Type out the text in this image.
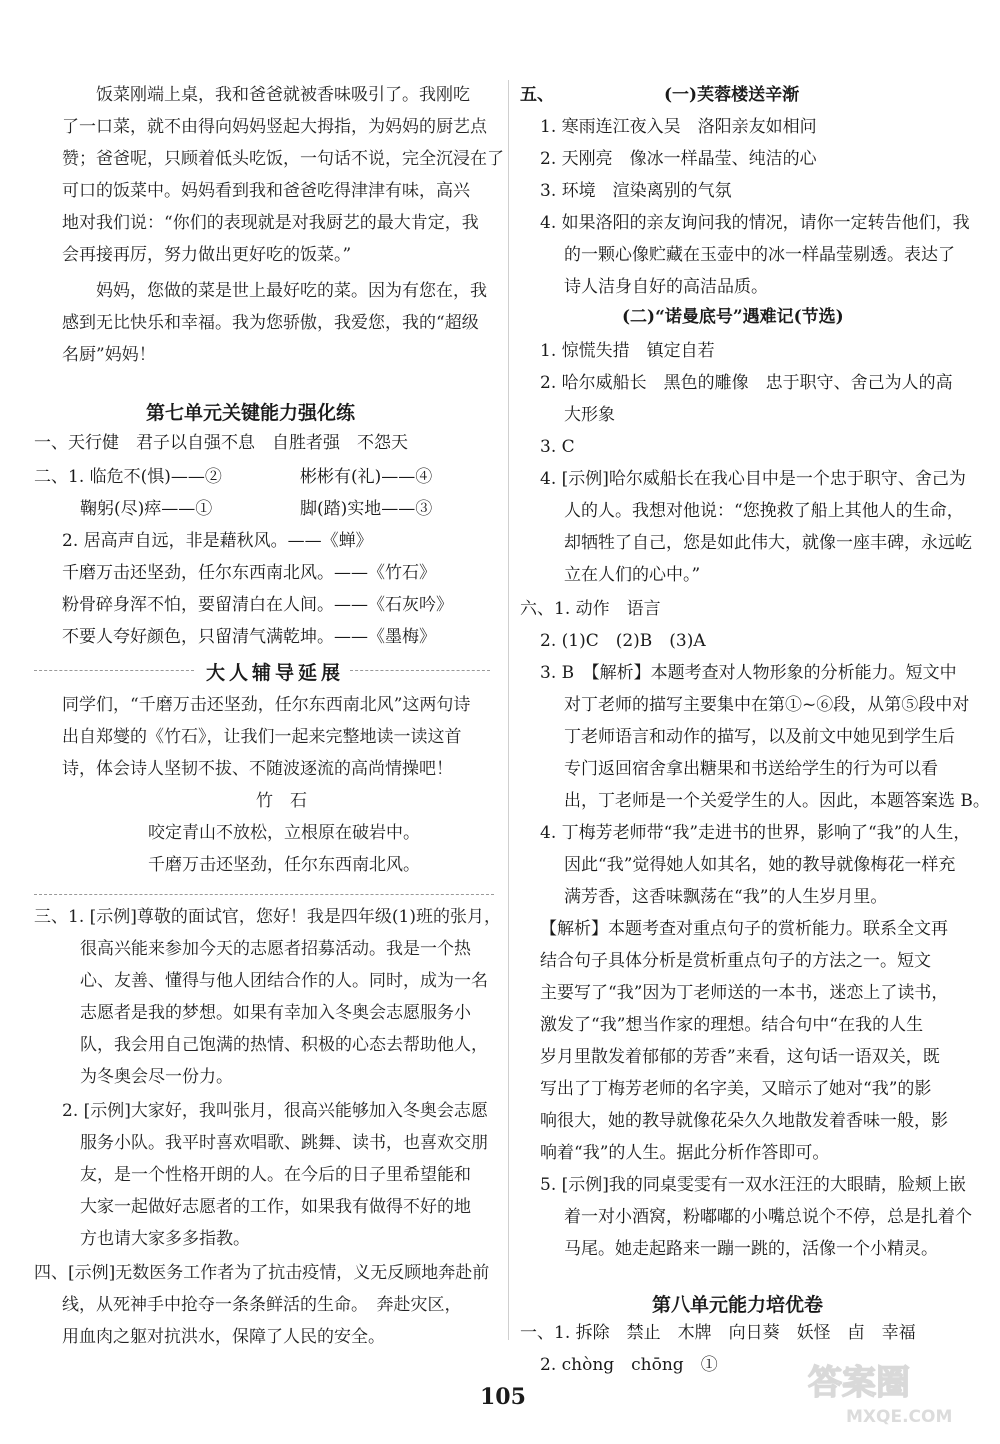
饭菜刚端上桌，我和爸爸就被香味吸引了。我刚吃
了一口菜，就不由得向妈妈竖起大拇指，为妈妈的厨艺点
赞；爸爸呢，只顾着低头吃饭，一句话不说，完全沉浸在了
可口的饭菜中。妈妈看到我和爸爸吃得津津有味，高兴
地对我们说：“你们的表现就是对我厨艺的最大肯定，我
会再接再厉，努力做出更好吃的饭菜。”
妈妈，您做的菜是世上最好吃的菜。因为有您在，我
感到无比快乐和幸福。我为您骄傲，我爱您，我的“超级
名厨”妈妈！
第七单元关键能力强化练
一、天行健　君子以自强不息　自胜者强　不怨天
二、1. 临危不(惧)——②	彬彬有(礼)——④
鞠躬(尽)瘁——①	脚(踏)实地——③
2. 居高声自远，非是藉秋风。——《蝉》
千磨万击还坚劲，任尔东西南北风。——《竹石》
粉骨碎身浑不怕，要留清白在人间。——《石灰吟》
不要人夸好颜色，只留清气满乾坤。——《墨梅》
大人辅导延展
同学们，“千磨万击还坚劲，任尔东西南北风”这两句诗
出自郑燮的《竹石》，让我们一起来完整地读一读这首
诗，体会诗人坚韧不拔、不随波逐流的高尚情操吧！
竹　石
咬定青山不放松，立根原在破岩中。
千磨万击还坚劲，任尔东西南北风。
三、1. [示例]尊敬的面试官，您好！我是四年级(1)班的张月，
很高兴能来参加今天的志愿者招募活动。我是一个热
心、友善、懂得与他人团结合作的人。同时，成为一名
志愿者是我的梦想。如果有幸加入冬奥会志愿服务小
队，我会用自己饱满的热情、积极的心态去帮助他人，
为冬奥会尽一份力。
2. [示例]大家好，我叫张月，很高兴能够加入冬奥会志愿
服务小队。我平时喜欢唱歌、跳舞、读书，也喜欢交朋
友，是一个性格开朗的人。在今后的日子里希望能和
大家一起做好志愿者的工作，如果我有做得不好的地
方也请大家多多指教。
四、[示例]无数医务工作者为了抗击疫情，义无反顾地奔赴前
线，从死神手中抢夺一条条鲜活的生命。　奔赴灾区，
用血肉之躯对抗洪水，保障了人民的安全。
五、	(一)芙蓉楼送辛渐
1. 寒雨连江夜入吴　洛阳亲友如相问
2. 天刚亮　像冰一样晶莹、纯洁的心
3. 环境　渲染离别的气氛
4. 如果洛阳的亲友询问我的情况，请你一定转告他们，我
的一颗心像贮藏在玉壶中的冰一样晶莹剔透。表达了
诗人洁身自好的高洁品质。
(二)“诺曼底号”遇难记(节选)
1. 惊慌失措　镇定自若
2. 哈尔威船长　黑色的雕像　忠于职守、舍己为人的高
大形象
3. C
4. [示例]哈尔威船长在我心目中是一个忠于职守、舍己为
人的人。我想对他说：“您挽救了船上其他人的生命，
却牺牲了自己，您是如此伟大，就像一座丰碑，永远屹
立在人们的心中。”
六、1. 动作　语言
2. (1)C　(2)B　(3)A
3. B　【解析】本题考查对人物形象的分析能力。短文中
对丁老师的描写主要集中在第①~⑥段，从第⑤段中对
丁老师语言和动作的描写，以及前文中她见到学生后
专门返回宿舍拿出糖果和书送给学生的行为可以看
出，丁老师是一个关爱学生的人。因此，本题答案选 B。
4. 丁梅芳老师带“我”走进书的世界，影响了“我”的人生，
因此“我”觉得她人如其名，她的教导就像梅花一样充
满芳香，这香味飘荡在“我”的人生岁月里。
【解析】本题考查对重点句子的赏析能力。联系全文再
结合句子具体分析是赏析重点句子的方法之一。短文
主要写了“我”因为丁老师送的一本书，迷恋上了读书，
激发了“我”想当作家的理想。结合句中“在我的人生
岁月里散发着郁郁的芳香”来看，这句话一语双关，既
写出了丁梅芳老师的名字美，又暗示了她对“我”的影
响很大，她的教导就像花朵久久地散发着香味一般，影
响着“我”的人生。据此分析作答即可。
5. [示例]我的同桌雯雯有一双水汪汪的大眼睛，脸颊上嵌
着一对小酒窝，粉嘟嘟的小嘴总说个不停，总是扎着个
马尾。她走起路来一蹦一跳的，活像一个小精灵。
第八单元能力培优卷
一、1. 拆除　禁止　木牌　向日葵　妖怪　卣　幸福
2. chòng　chōng　①
105	答案圈
MXQE.COM
